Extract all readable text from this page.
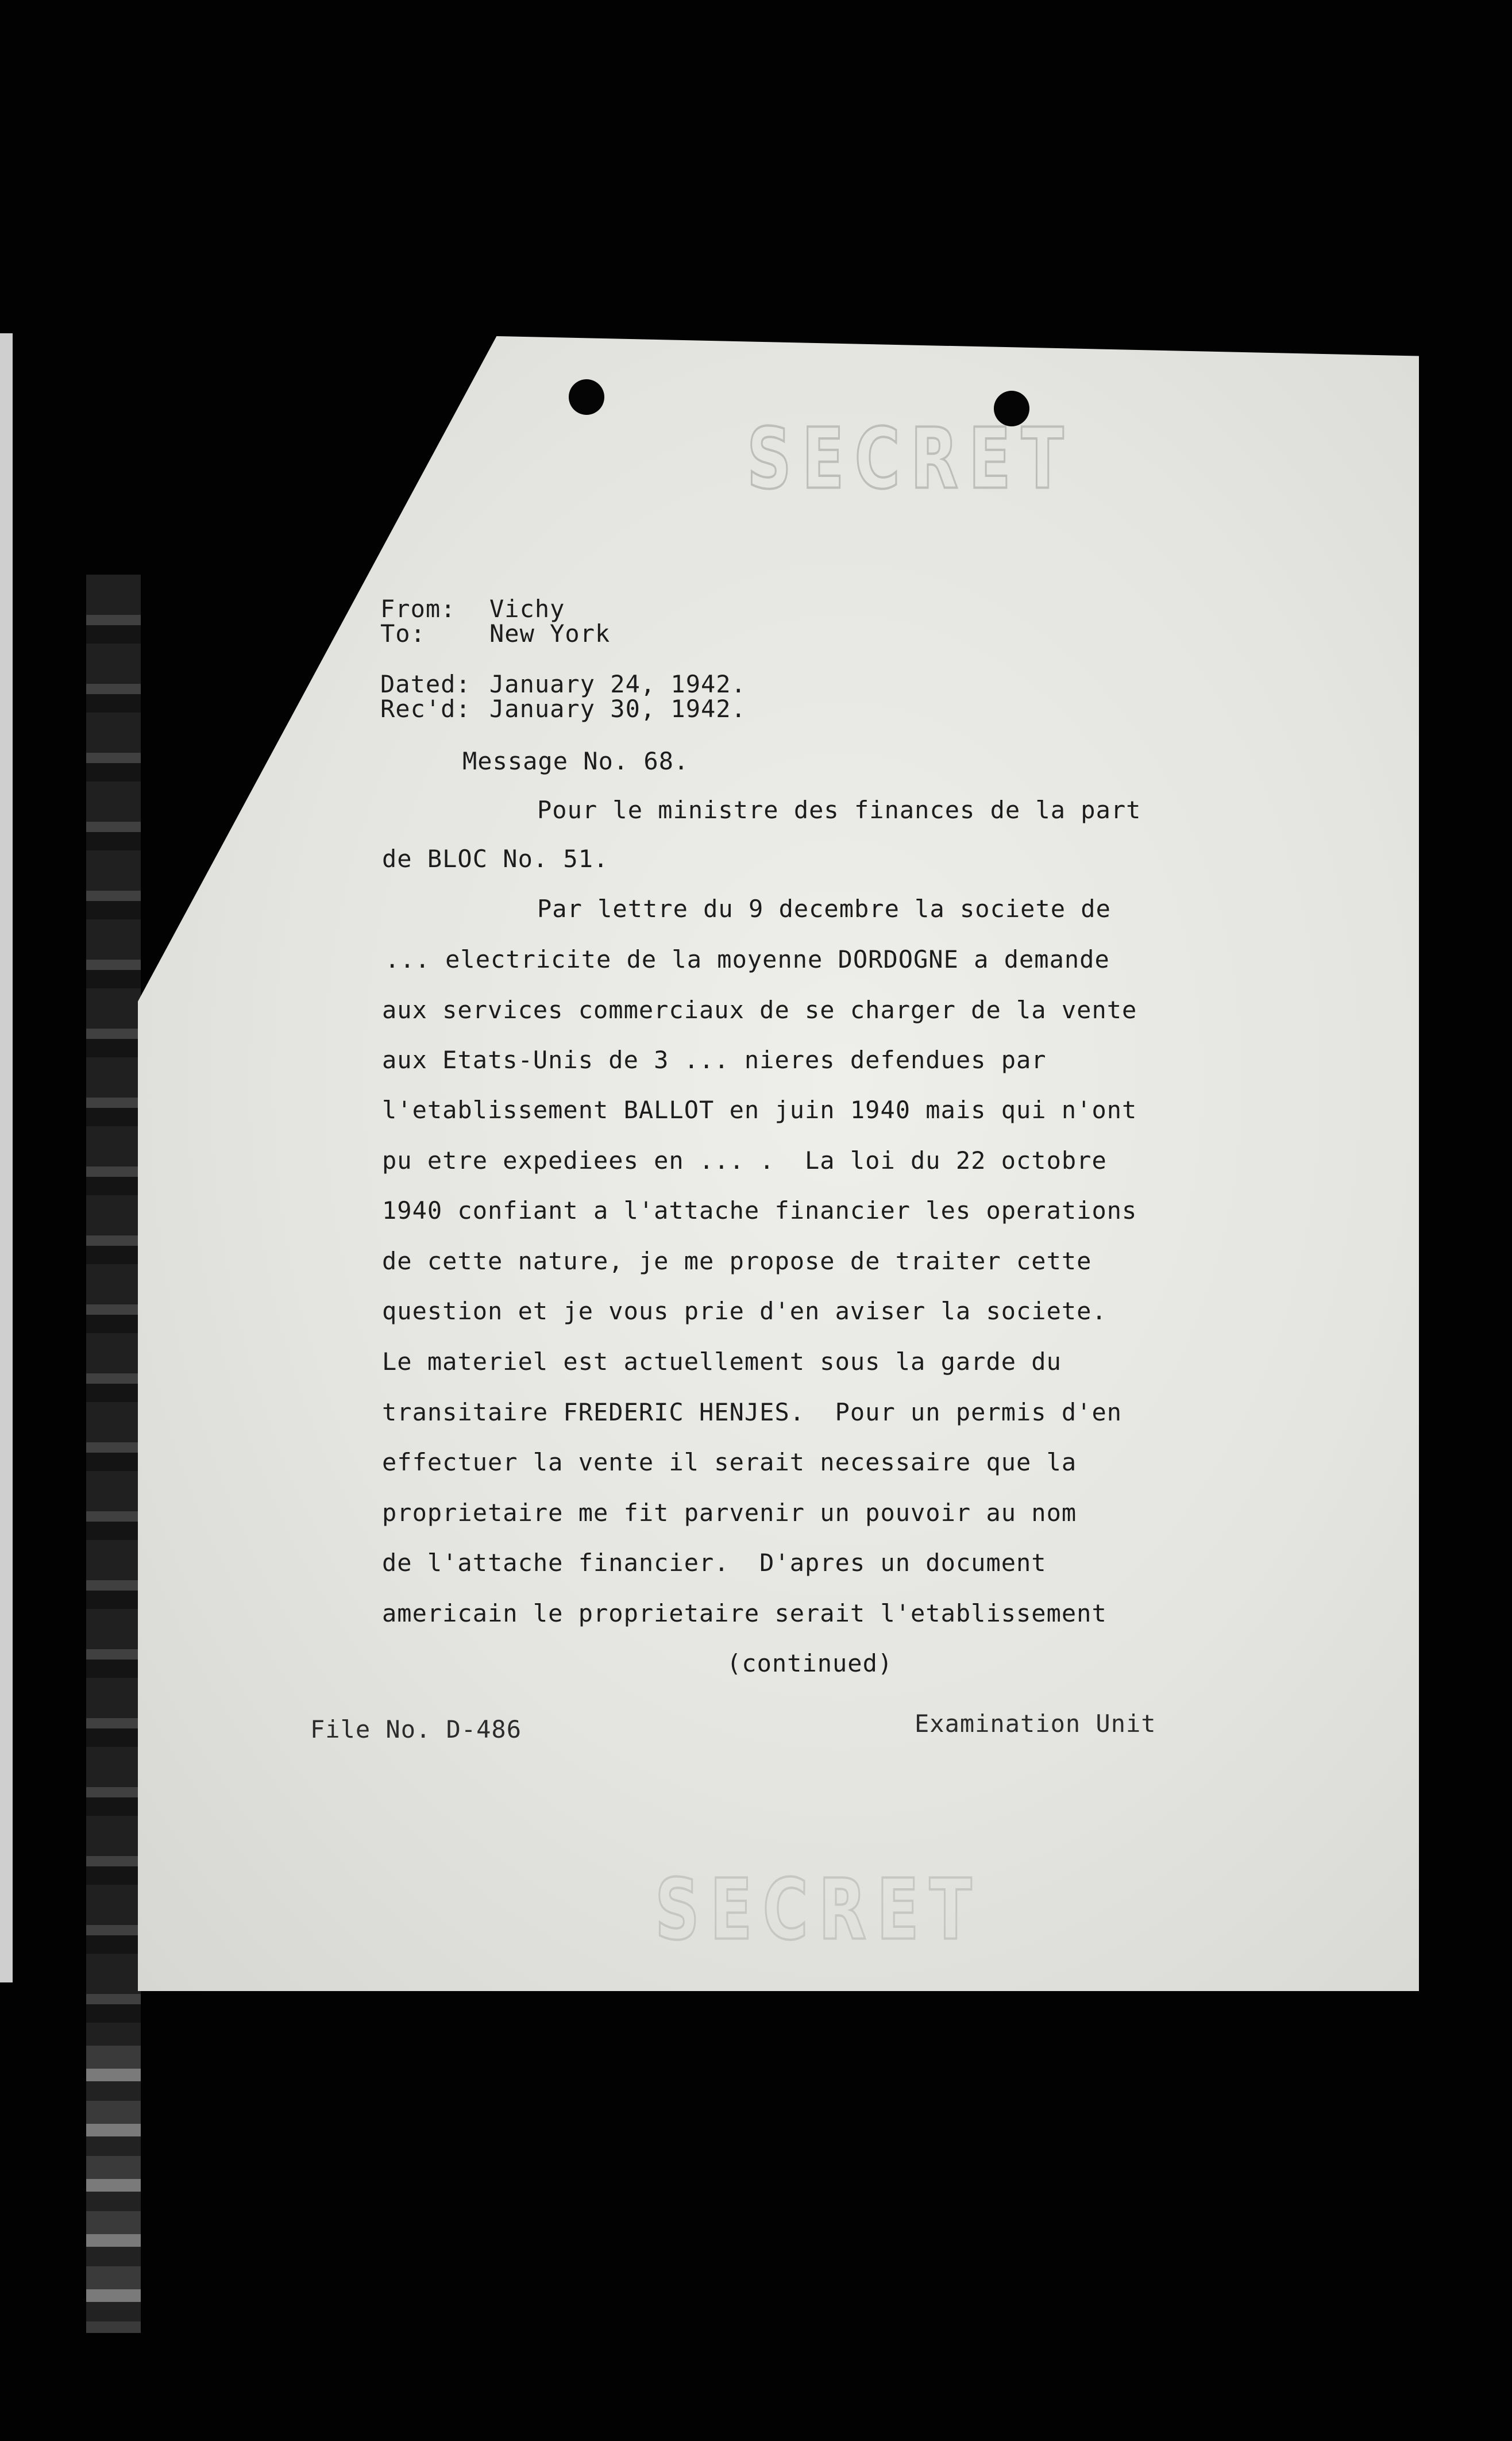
SECRET
SECRET
From: Vichy
To:	New York
Dated: January 24, 1942.
Rec'd: January 30, 1942.
Message No. 68.
Pour le ministre des finances de la part
de BLOC No. 51.
Par lettre du 9 decembre la societe de
... electricite de la moyenne DORDOGNE a demande
aux services commerciaux de se charger de la vente
aux Etats-Unis de 3 ... nieres defendues par
l'etablissement BALLOT en juin 1940 mais qui n'ont
pu etre expediees en ... .  La loi du 22 octobre
1940 confiant a l'attache financier les operations
de cette nature, je me propose de traiter cette
question et je vous prie d'en aviser la societe.
Le materiel est actuellement sous la garde du
transitaire FREDERIC HENJES.  Pour un permis d'en
effectuer la vente il serait necessaire que la
proprietaire me fit parvenir un pouvoir au nom
de l'attache financier.  D'apres un document
americain le proprietaire serait l'etablissement
(continued)
File No. D-486	Examination Unit
